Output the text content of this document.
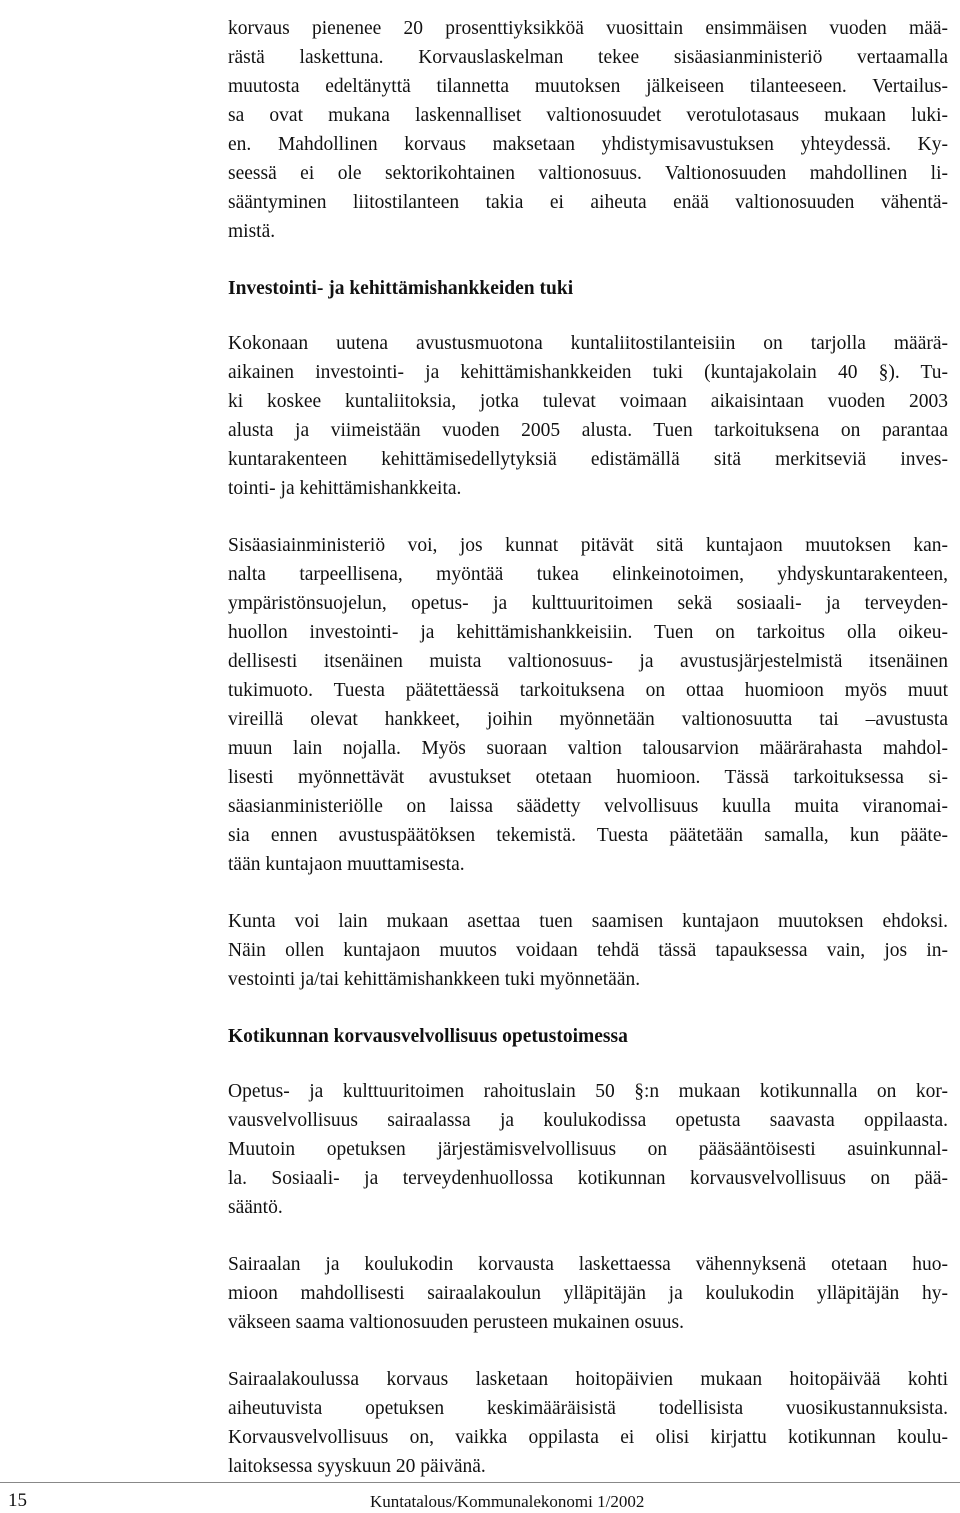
korvaus pienenee 20 prosenttiyksikköä vuosittain ensimmäisen vuoden mää-
rästä laskettuna. Korvauslaskelman tekee sisäasianministeriö vertaamalla
muutosta edeltänyttä tilannetta muutoksen jälkeiseen tilanteeseen. Vertailus-
sa ovat mukana laskennalliset valtionosuudet verotulotasaus mukaan luki-
en. Mahdollinen korvaus maksetaan yhdistymisavustuksen yhteydessä. Ky-
seessä ei ole sektorikohtainen valtionosuus. Valtionosuuden mahdollinen li-
sääntyminen liitostilanteen takia ei aiheuta enää valtionosuuden vähentä-
mistä.

Investointi- ja kehittämishankkeiden tuki

Kokonaan uutena avustusmuotona kuntaliitostilanteisiin on tarjolla määrä-
aikainen investointi- ja kehittämishankkeiden tuki (kuntajakolain 40 §). Tu-
ki koskee kuntaliitoksia, jotka tulevat voimaan aikaisintaan vuoden 2003
alusta ja viimeistään vuoden 2005 alusta. Tuen tarkoituksena on parantaa
kuntarakenteen kehittämisedellytyksiä edistämällä sitä merkitseviä inves-
tointi- ja kehittämishankkeita.

Sisäasiainministeriö voi, jos kunnat pitävät sitä kuntajaon muutoksen kan-
nalta tarpeellisena, myöntää tukea elinkeinotoimen, yhdyskuntarakenteen,
ympäristönsuojelun, opetus- ja kulttuuritoimen sekä sosiaali- ja terveyden-
huollon investointi- ja kehittämishankkeisiin. Tuen on tarkoitus olla oikeu-
dellisesti itsenäinen muista valtionosuus- ja avustusjärjestelmistä itsenäinen
tukimuoto. Tuesta päätettäessä tarkoituksena on ottaa huomioon myös muut
vireillä olevat hankkeet, joihin myönnetään valtionosuutta tai –avustusta
muun lain nojalla. Myös suoraan valtion talousarvion määrärahasta mahdol-
lisesti myönnettävät avustukset otetaan huomioon. Tässä tarkoituksessa si-
säasianministeriölle on laissa säädetty velvollisuus kuulla muita viranomai-
sia ennen avustuspäätöksen tekemistä. Tuesta päätetään samalla, kun pääte-
tään kuntajaon muuttamisesta.

Kunta voi lain mukaan asettaa tuen saamisen kuntajaon muutoksen ehdoksi.
Näin ollen kuntajaon muutos voidaan tehdä tässä tapauksessa vain, jos in-
vestointi ja/tai kehittämishankkeen tuki myönnetään.

Kotikunnan korvausvelvollisuus opetustoimessa

Opetus- ja kulttuuritoimen rahoituslain 50 §:n mukaan kotikunnalla on kor-
vausvelvollisuus sairaalassa ja koulukodissa opetusta saavasta oppilaasta.
Muutoin opetuksen järjestämisvelvollisuus on pääsääntöisesti asuinkunnal-
la. Sosiaali- ja terveydenhuollossa kotikunnan korvausvelvollisuus on pää-
sääntö.

Sairaalan ja koulukodin korvausta laskettaessa vähennyksenä otetaan huo-
mioon mahdollisesti sairaalakoulun ylläpitäjän ja koulukodin ylläpitäjän hy-
väkseen saama valtionosuuden perusteen mukainen osuus.

Sairaalakoulussa korvaus lasketaan hoitopäivien mukaan hoitopäivää kohti
aiheutuvista opetuksen keskimääräisistä todellisista vuosikustannuksista.
Korvausvelvollisuus on, vaikka oppilasta ei olisi kirjattu kotikunnan koulu-
laitoksessa syyskuun 20 päivänä.

15	Kuntatalous/Kommunalekonomi 1/2002
